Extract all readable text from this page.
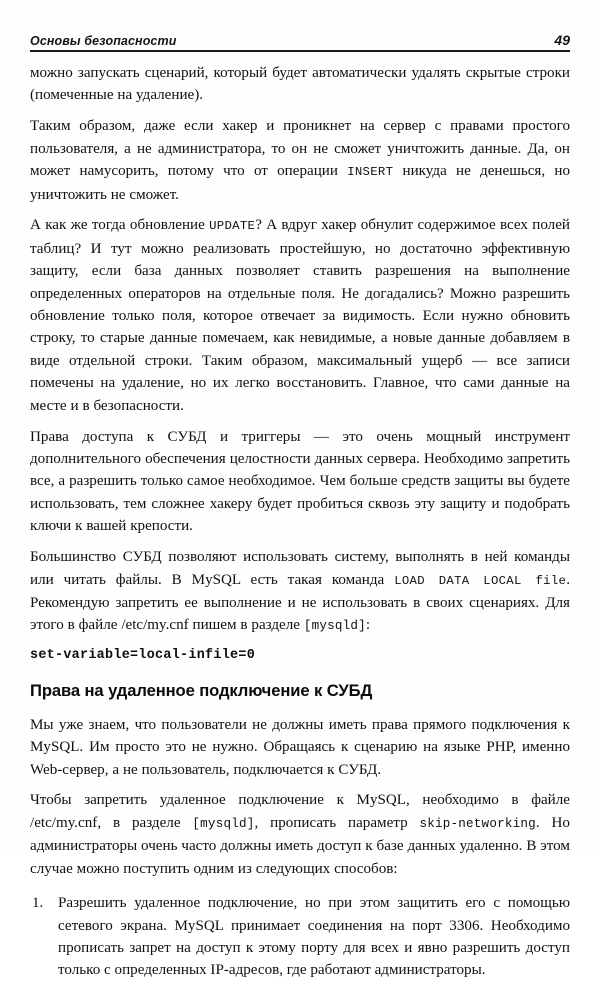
Основы безопасности	49

можно запускать сценарий, который будет автоматически удалять скрытые строки (помеченные на удаление).

Таким образом, даже если хакер и проникнет на сервер с правами простого пользователя, а не администратора, то он не сможет уничтожить данные. Да, он может намусорить, потому что от операции INSERT никуда не денешься, но уничтожить не сможет.

А как же тогда обновление UPDATE? А вдруг хакер обнулит содержимое всех полей таблиц? И тут можно реализовать простейшую, но достаточно эффективную защиту, если база данных позволяет ставить разрешения на выполнение определенных операторов на отдельные поля. Не догадались? Можно разрешить обновление только поля, которое отвечает за видимость. Если нужно обновить строку, то старые данные помечаем, как невидимые, а новые данные добавляем в виде отдельной строки. Таким образом, максимальный ущерб — все записи помечены на удаление, но их легко восстановить. Главное, что сами данные на месте и в безопасности.

Права доступа к СУБД и триггеры — это очень мощный инструмент дополнительного обеспечения целостности данных сервера. Необходимо запретить все, а разрешить только самое необходимое. Чем больше средств защиты вы будете использовать, тем сложнее хакеру будет пробиться сквозь эту защиту и подобрать ключи к вашей крепости.

Большинство СУБД позволяют использовать систему, выполнять в ней команды или читать файлы. В MySQL есть такая команда LOAD DATA LOCAL file. Рекомендую запретить ее выполнение и не использовать в своих сценариях. Для этого в файле /etc/my.cnf пишем в разделе [mysqld]:

set-variable=local-infile=0
Права на удаленное подключение к СУБД

Мы уже знаем, что пользователи не должны иметь права прямого подключения к MySQL. Им просто это не нужно. Обращаясь к сценарию на языке PHP, именно Web-сервер, а не пользователь, подключается к СУБД.

Чтобы запретить удаленное подключение к MySQL, необходимо в файле /etc/my.cnf, в разделе [mysqld], прописать параметр skip-networking. Но администраторы очень часто должны иметь доступ к базе данных удаленно. В этом случае можно поступить одним из следующих способов:

1. Разрешить удаленное подключение, но при этом защитить его с помощью сетевого экрана. MySQL принимает соединения на порт 3306. Необходимо прописать запрет на доступ к этому порту для всех и явно разрешить доступ только с определенных IP-адресов, где работают администраторы.
